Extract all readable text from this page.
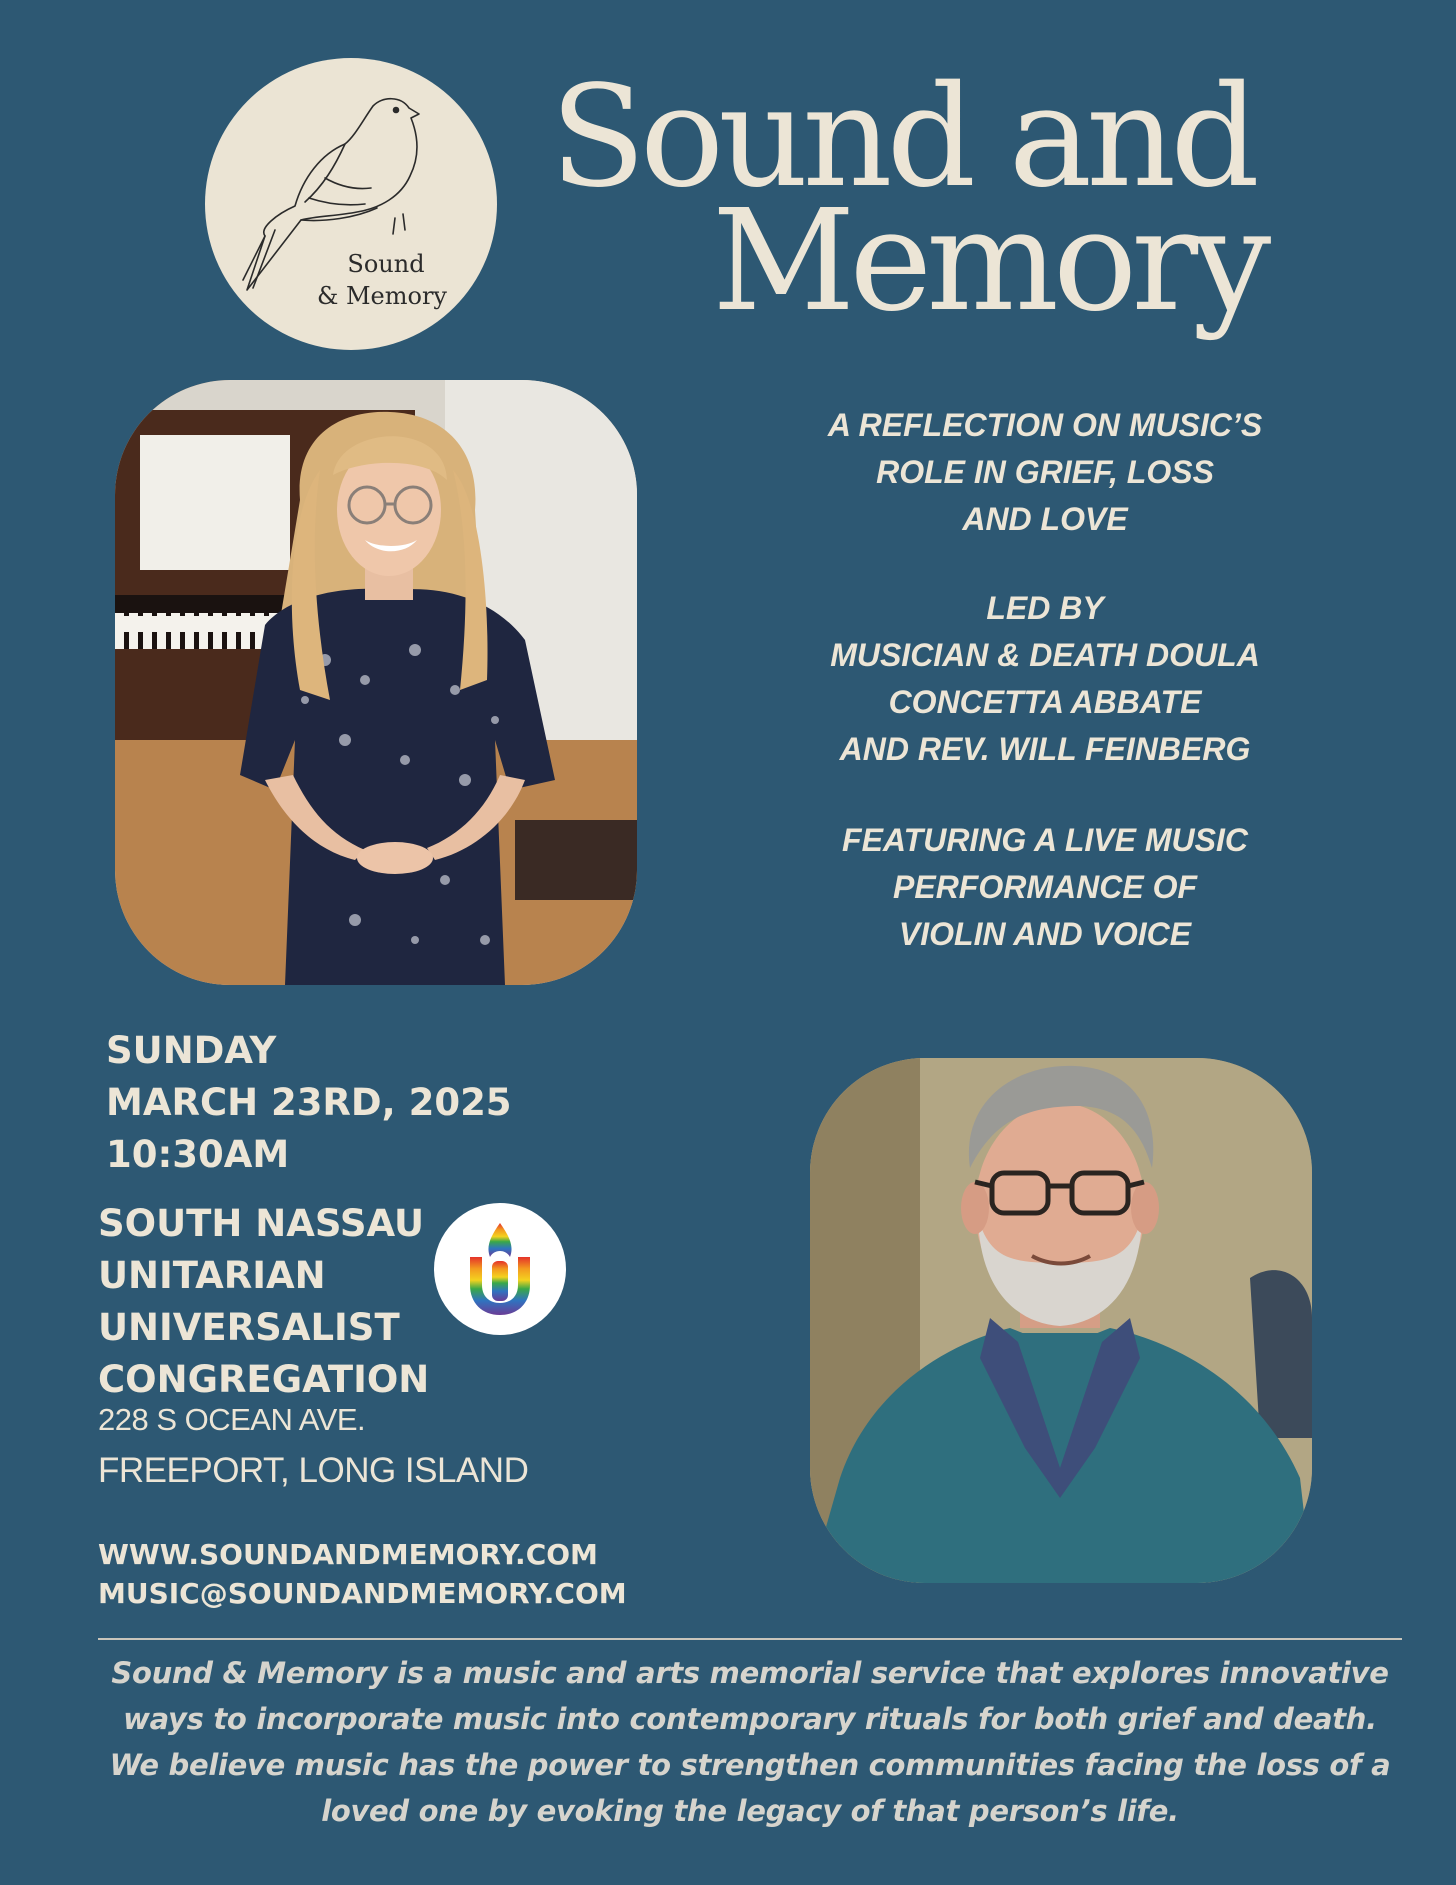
Sound
& Memory
Sound and
Memory
A REFLECTION ON MUSIC’S
ROLE IN GRIEF, LOSS
AND LOVE
LED BY
MUSICIAN & DEATH DOULA
CONCETTA ABBATE
AND REV. WILL FEINBERG
FEATURING A LIVE MUSIC
PERFORMANCE OF
VIOLIN AND VOICE
SUNDAY
MARCH 23RD, 2025
10:30AM
SOUTH NASSAU
UNITARIAN
UNIVERSALIST
CONGREGATION
228 S OCEAN AVE.
FREEPORT, LONG ISLAND
WWW.SOUNDANDMEMORY.COM
MUSIC@SOUNDANDMEMORY.COM
Sound & Memory is a music and arts memorial service that explores innovative
ways to incorporate music into contemporary rituals for both grief and death.
We believe music has the power to strengthen communities facing the loss of a
loved one by evoking the legacy of that person’s life.
